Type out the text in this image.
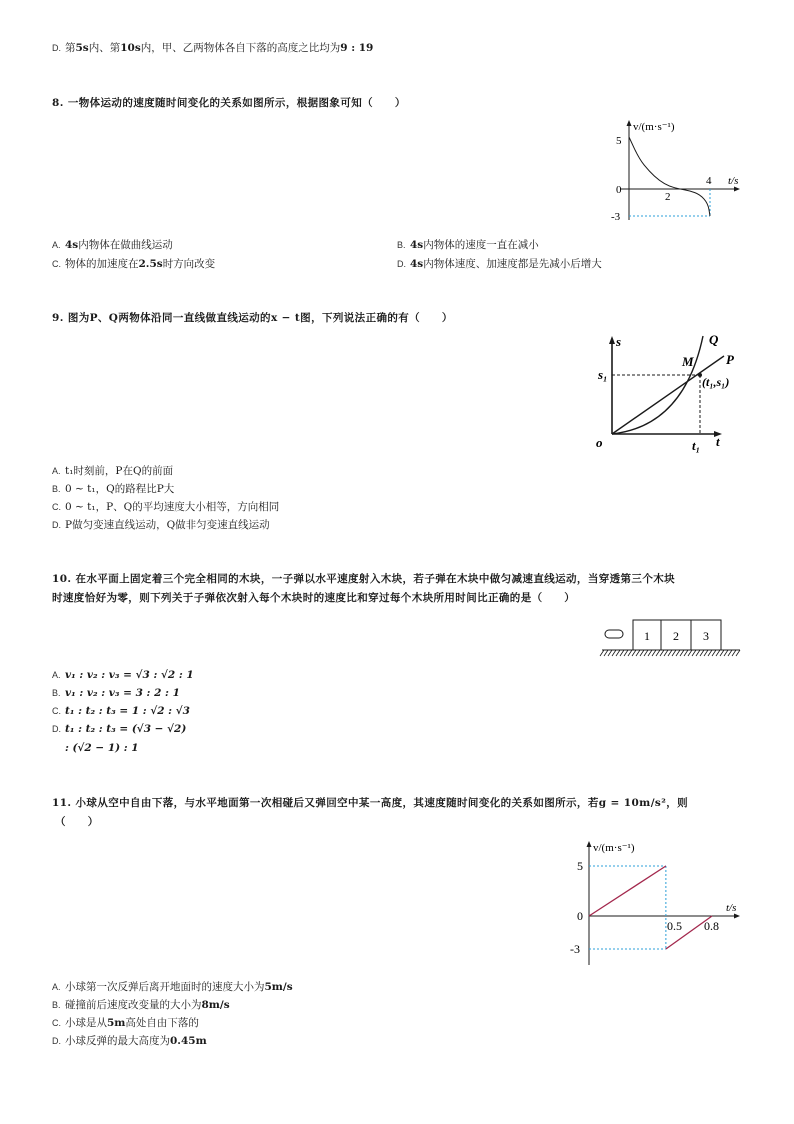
D. 第5s内、第10s内，甲、乙两物体各自下落的高度之比均为9 : 19
8. 一物体运动的速度随时间变化的关系如图所示，根据图象可知（　　）
v/(m·s⁻¹)
t/s
5
0
-3
2
4
A. 4s内物体在做曲线运动	B. 4s内物体的速度一直在减小
C. 物体的加速度在2.5s时方向改变	D. 4s内物体速度、加速度都是先减小后增大
9. 图为P、Q两物体沿同一直线做直线运动的x − t图，下列说法正确的有（　　）
s
t
o
s₁
t₁
M
Q
P
(t₁,s₁)
A. t₁时刻前，P在Q的前面
B. 0 ∼ t₁，Q的路程比P大
C. 0 ∼ t₁，P、Q的平均速度大小相等，方向相同
D. P做匀变速直线运动，Q做非匀变速直线运动
10. 在水平面上固定着三个完全相同的木块，一子弹以水平速度射入木块，若子弹在木块中做匀减速直线运动，当穿透第三个木块
时速度恰好为零，则下列关于子弹依次射入每个木块时的速度比和穿过每个木块所用时间比正确的是（　　）
1 2 3
A. v₁ : v₂ : v₃ = √3 : √2 : 1
B. v₁ : v₂ : v₃ = 3 : 2 : 1
C. t₁ : t₂ : t₃ = 1 : √2 : √3
D. t₁ : t₂ : t₃ = (√3 − √2)
: (√2 − 1) : 1
11. 小球从空中自由下落，与水平地面第一次相碰后又弹回空中某一高度，其速度随时间变化的关系如图所示，若g = 10m/s²，则
（　　）
v/(m·s⁻¹)
t/s
5
0
-3
0.5 0.8
A. 小球第一次反弹后离开地面时的速度大小为5m/s
B. 碰撞前后速度改变量的大小为8m/s
C. 小球是从5m高处自由下落的
D. 小球反弹的最大高度为0.45m
